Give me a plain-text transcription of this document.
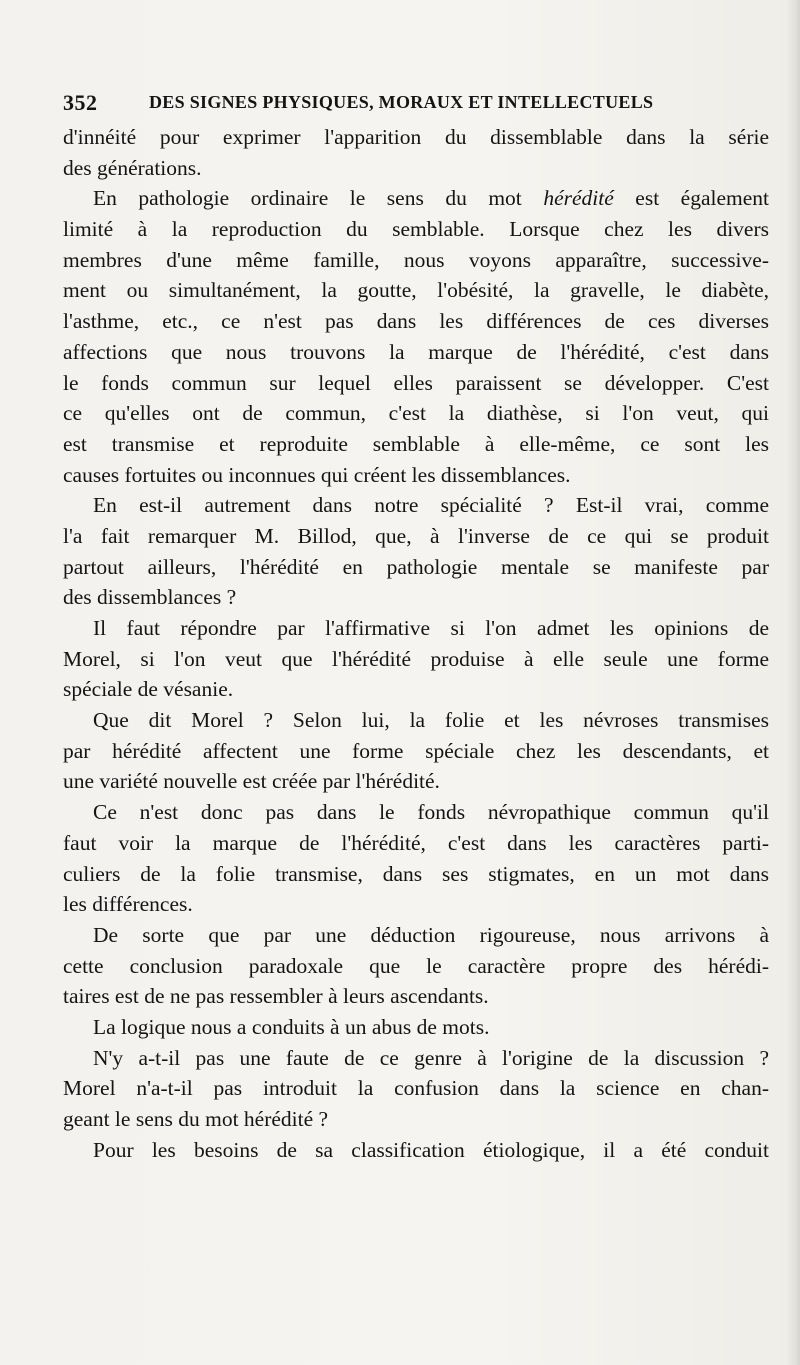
352	DES SIGNES PHYSIQUES, MORAUX ET INTELLECTUELS
d'innéité pour exprimer l'apparition du dissemblable dans la série
des générations.
En pathologie ordinaire le sens du mot hérédité est également
limité à la reproduction du semblable. Lorsque chez les divers
membres d'une même famille, nous voyons apparaître, successive-
ment ou simultanément, la goutte, l'obésité, la gravelle, le diabète,
l'asthme, etc., ce n'est pas dans les différences de ces diverses
affections que nous trouvons la marque de l'hérédité, c'est dans
le fonds commun sur lequel elles paraissent se développer. C'est
ce qu'elles ont de commun, c'est la diathèse, si l'on veut, qui
est transmise et reproduite semblable à elle-même, ce sont les
causes fortuites ou inconnues qui créent les dissemblances.
En est-il autrement dans notre spécialité ? Est-il vrai, comme
l'a fait remarquer M. Billod, que, à l'inverse de ce qui se produit
partout ailleurs, l'hérédité en pathologie mentale se manifeste par
des dissemblances ?
Il faut répondre par l'affirmative si l'on admet les opinions de
Morel, si l'on veut que l'hérédité produise à elle seule une forme
spéciale de vésanie.
Que dit Morel ? Selon lui, la folie et les névroses transmises
par hérédité affectent une forme spéciale chez les descendants, et
une variété nouvelle est créée par l'hérédité.
Ce n'est donc pas dans le fonds névropathique commun qu'il
faut voir la marque de l'hérédité, c'est dans les caractères parti-
culiers de la folie transmise, dans ses stigmates, en un mot dans
les différences.
De sorte que par une déduction rigoureuse, nous arrivons à
cette conclusion paradoxale que le caractère propre des hérédi-
taires est de ne pas ressembler à leurs ascendants.
La logique nous a conduits à un abus de mots.
N'y a-t-il pas une faute de ce genre à l'origine de la discussion ?
Morel n'a-t-il pas introduit la confusion dans la science en chan-
geant le sens du mot hérédité ?
Pour les besoins de sa classification étiologique, il a été conduit
